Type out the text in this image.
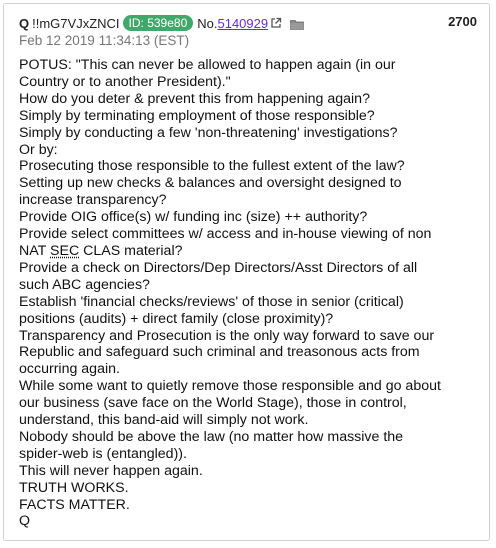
Q !!mG7VJxZNCI ID: 539e80 No. 5140929
Feb 12 2019 11:34:13 (EST)
2700
POTUS: "This can never be allowed to happen again (in our
Country or to another President)."
How do you deter & prevent this from happening again?
Simply by terminating employment of those responsible?
Simply by conducting a few 'non-threatening' investigations?
Or by:
Prosecuting those responsible to the fullest extent of the law?
Setting up new checks & balances and oversight designed to
increase transparency?
Provide OIG office(s) w/ funding inc (size) ++ authority?
Provide select committees w/ access and in-house viewing of non
NAT SEC CLAS material?
Provide a check on Directors/Dep Directors/Asst Directors of all
such ABC agencies?
Establish 'financial checks/reviews' of those in senior (critical)
positions (audits) + direct family (close proximity)?
Transparency and Prosecution is the only way forward to save our
Republic and safeguard such criminal and treasonous acts from
occurring again.
While some want to quietly remove those responsible and go about
our business (save face on the World Stage), those in control,
understand, this band-aid will simply not work.
Nobody should be above the law (no matter how massive the
spider-web is (entangled)).
This will never happen again.
TRUTH WORKS.
FACTS MATTER.
Q
